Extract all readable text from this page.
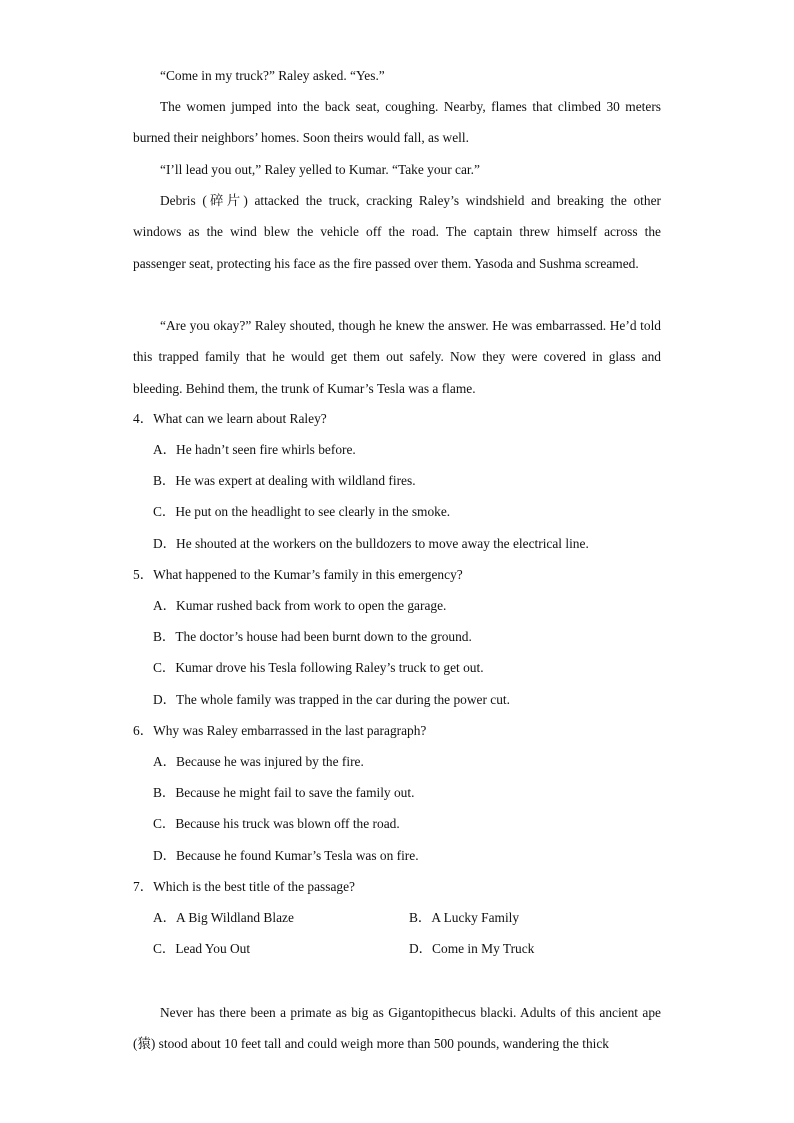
“Come in my truck?” Raley asked. “Yes.”

The women jumped into the back seat, coughing. Nearby, flames that climbed 30 meters burned their neighbors’ homes. Soon theirs would fall, as well.

“I’ll lead you out,” Raley yelled to Kumar. “Take your car.”

Debris (碎片) attacked the truck, cracking Raley’s windshield and breaking the other windows as the wind blew the vehicle off the road. The captain threw himself across the passenger seat, protecting his face as the fire passed over them. Yasoda and Sushma screamed.

“Are you okay?” Raley shouted, though he knew the answer. He was embarrassed. He’d told this trapped family that he would get them out safely. Now they were covered in glass and bleeding. Behind them, the trunk of Kumar’s Tesla was a flame.

4．What can we learn about Raley?
A．He hadn’t seen fire whirls before.
B．He was expert at dealing with wildland fires.
C．He put on the headlight to see clearly in the smoke.
D．He shouted at the workers on the bulldozers to move away the electrical line.
5．What happened to the Kumar’s family in this emergency?
A．Kumar rushed back from work to open the garage.
B．The doctor’s house had been burnt down to the ground.
C．Kumar drove his Tesla following Raley’s truck to get out.
D．The whole family was trapped in the car during the power cut.
6．Why was Raley embarrassed in the last paragraph?
A．Because he was injured by the fire.
B．Because he might fail to save the family out.
C．Because his truck was blown off the road.
D．Because he found Kumar’s Tesla was on fire.
7．Which is the best title of the passage?
A．A Big Wildland Blaze	B．A Lucky Family
C．Lead You Out	D．Come in My Truck

Never has there been a primate as big as Gigantopithecus blacki. Adults of this ancient ape (猿) stood about 10 feet tall and could weigh more than 500 pounds, wandering the thick
